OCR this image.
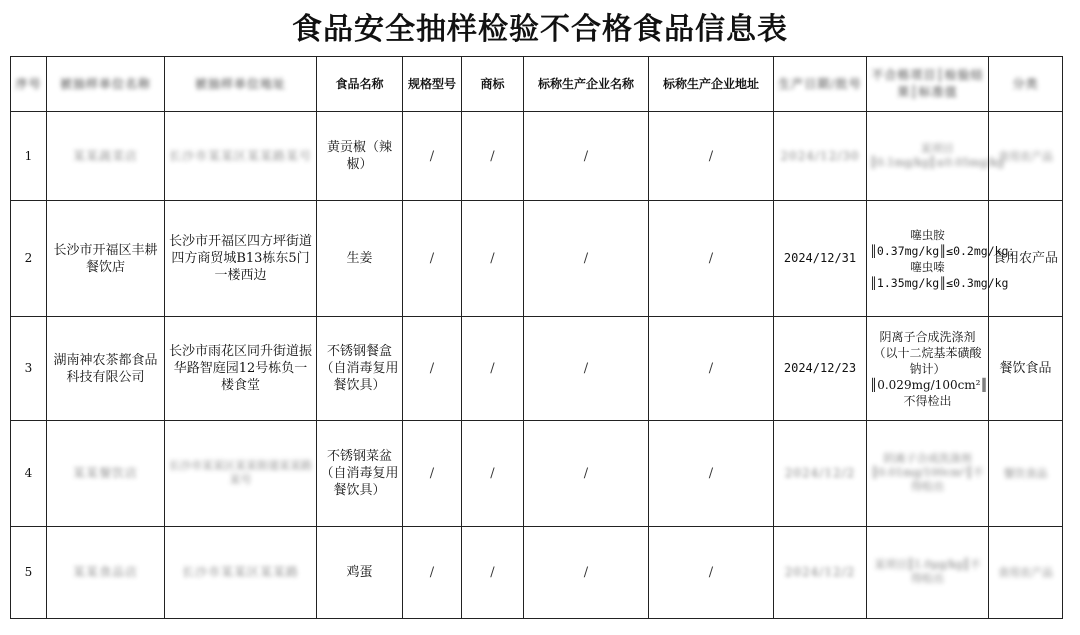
食品安全抽样检验不合格食品信息表
序号	被抽样单位名称	被抽样单位地址	食品名称	规格型号	商标	标称生产企业名称	标称生产企业地址	生产日期/批号	不合格项目║检验结果║标准值	分类
1	某某蔬菜店	长沙市某某区某某路某号	黄贡椒（辣椒）	/	/	/	/	2024/12/30	某项目║0.1mg/kg║≤0.05mg/kg	食用农产品
2	长沙市开福区丰耕餐饮店	长沙市开福区四方坪街道四方商贸城B13栋东5门一楼西边	生姜	/	/	/	/	2024/12/31	噻虫胺║0.37mg/kg║≤0.2mg/kg；噻虫嗪║1.35mg/kg║≤0.3mg/kg	食用农产品
3	湖南神农茶都食品科技有限公司	长沙市雨花区同升街道振华路智庭园12号栋负一楼食堂	不锈钢餐盒（自消毒复用餐饮具）	/	/	/	/	2024/12/23	阴离子合成洗涤剂（以十二烷基苯磺酸钠计）║0.029mg/100cm²║不得检出	餐饮食品
4	某某餐饮店	长沙市某某区某某街道某某路某号	不锈钢菜盆（自消毒复用餐饮具）	/	/	/	/	2024/12/2	阴离子合成洗涤剂║0.01mg/100cm²║不得检出	餐饮食品
5	某某食品店	长沙市某某区某某路	鸡蛋	/	/	/	/	2024/12/2	某项目║1.0μg/kg║不得检出	食用农产品
